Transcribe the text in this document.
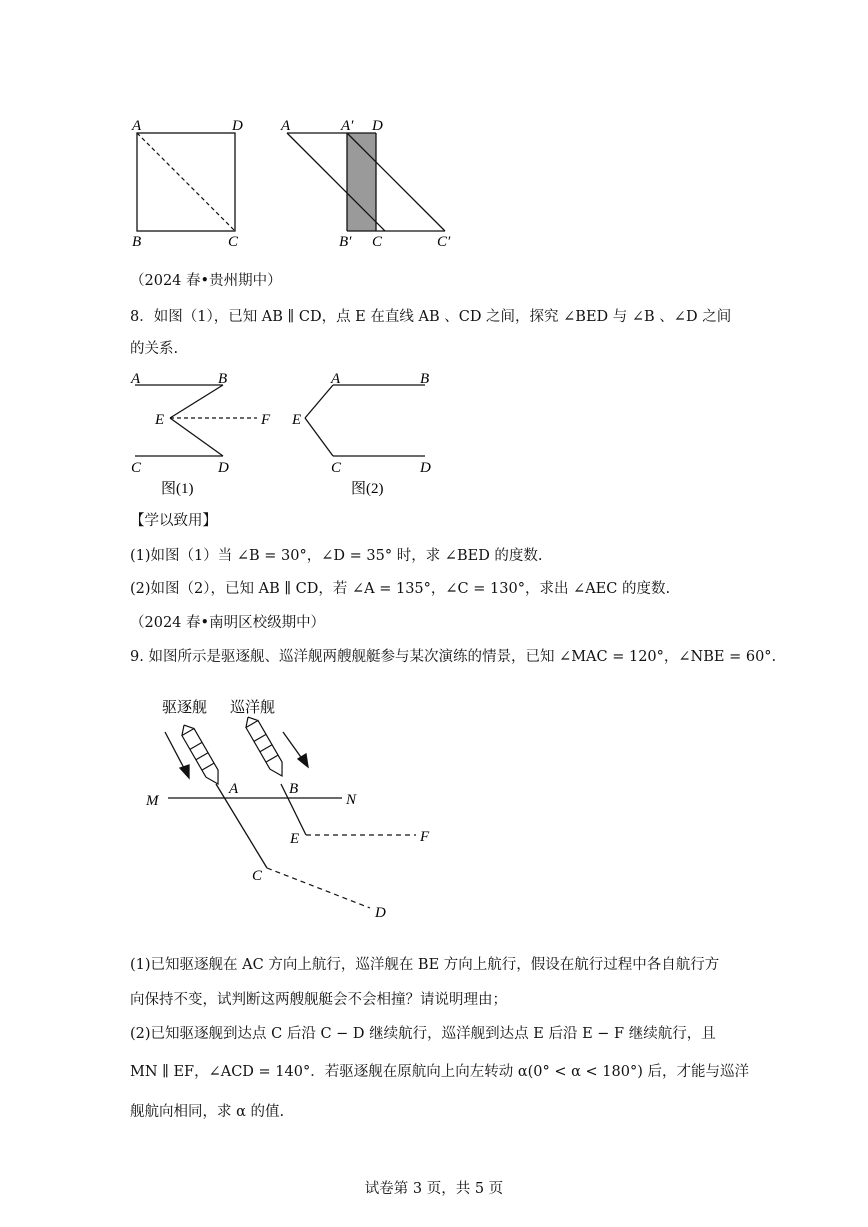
A	D
B	C
A	A′ D
B′ C	C′
（2024 春•贵州期中）
8．如图（1），已知 AB ∥ CD，点 E 在直线 AB 、CD 之间，探究 ∠BED 与 ∠B 、∠D 之间
的关系.
A	B
E	F
C	D
图(1)
A	B
E
C	D
图(2)
【学以致用】
(1)如图（1）当 ∠B = 30°，∠D = 35° 时，求 ∠BED 的度数.
(2)如图（2），已知 AB ∥ CD，若 ∠A = 135°，∠C = 130°，求出 ∠AEC 的度数.
（2024 春•南明区校级期中）
9. 如图所示是驱逐舰、巡洋舰两艘舰艇参与某次演练的情景，已知 ∠MAC = 120°，∠NBE = 60°.
驱逐舰 巡洋舰
M
A	B
N
E	F
C
D
(1)已知驱逐舰在 AC 方向上航行，巡洋舰在 BE 方向上航行，假设在航行过程中各自航行方
向保持不变，试判断这两艘舰艇会不会相撞？请说明理由；
(2)已知驱逐舰到达点 C 后沿 C − D 继续航行，巡洋舰到达点 E 后沿 E − F 继续航行，且
MN ∥ EF，∠ACD = 140°．若驱逐舰在原航向上向左转动 α(0° < α < 180°) 后，才能与巡洋
舰航向相同，求 α 的值.
试卷第 3 页，共 5 页
